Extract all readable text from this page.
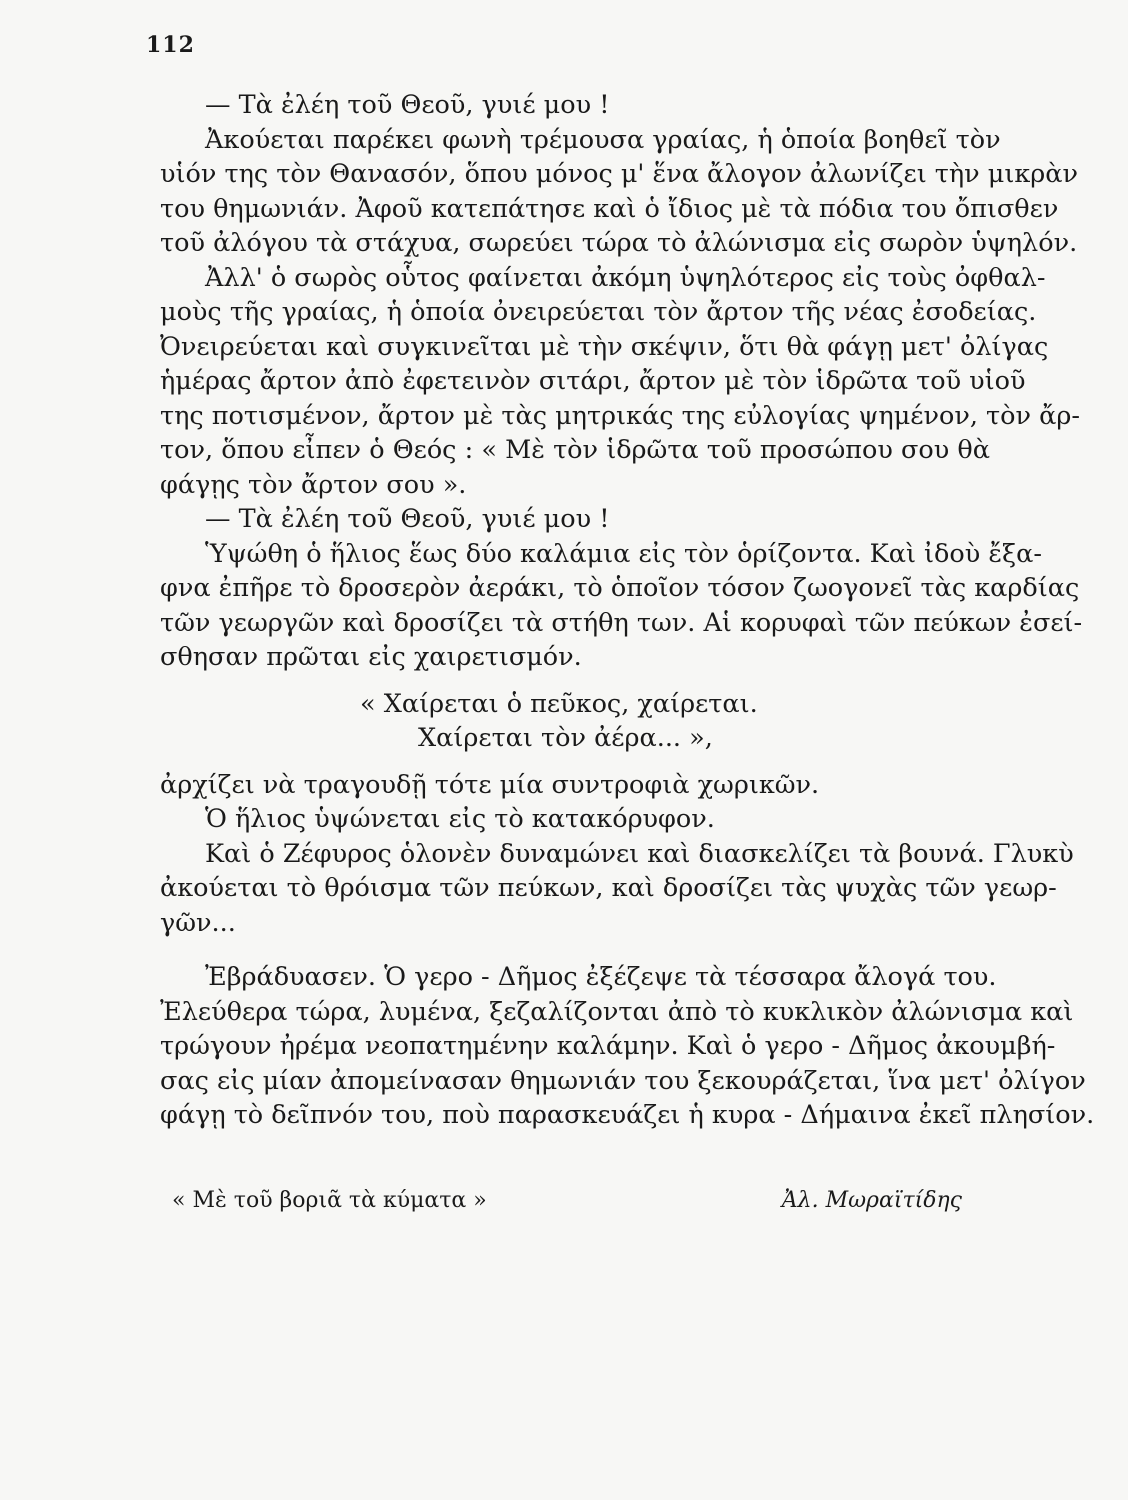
112
— Τὰ ἐλέη τοῦ Θεοῦ, γυιέ μου !
Ἀκούεται παρέκει φωνὴ τρέμουσα γραίας, ἡ ὁποία βοηθεῖ τὸν
υἱόν της τὸν Θανασόν, ὅπου μόνος μ' ἕνα ἄλογον ἀλωνίζει τὴν μικρὰν
του θημωνιάν. Ἀφοῦ κατεπάτησε καὶ ὁ ἴδιος μὲ τὰ πόδια του ὄπισθεν
τοῦ ἀλόγου τὰ στάχυα, σωρεύει τώρα τὸ ἀλώνισμα εἰς σωρὸν ὑψηλόν.
Ἀλλ' ὁ σωρὸς οὗτος φαίνεται ἀκόμη ὑψηλότερος εἰς τοὺς ὀφθαλ-
μοὺς τῆς γραίας, ἡ ὁποία ὀνειρεύεται τὸν ἄρτον τῆς νέας ἐσοδείας.
Ὀνειρεύεται καὶ συγκινεῖται μὲ τὴν σκέψιν, ὅτι θὰ φάγῃ μετ' ὀλίγας
ἡμέρας ἄρτον ἀπὸ ἐφετεινὸν σιτάρι, ἄρτον μὲ τὸν ἱδρῶτα τοῦ υἱοῦ
της ποτισμένον, ἄρτον μὲ τὰς μητρικάς της εὐλογίας ψημένον, τὸν ἄρ-
τον, ὅπου εἶπεν ὁ Θεός : « Μὲ τὸν ἱδρῶτα τοῦ προσώπου σου θὰ
φάγῃς τὸν ἄρτον σου ».
— Τὰ ἐλέη τοῦ Θεοῦ, γυιέ μου !
Ὑψώθη ὁ ἥλιος ἕως δύο καλάμια εἰς τὸν ὁρίζοντα. Καὶ ἰδοὺ ἔξα-
φνα ἐπῆρε τὸ δροσερὸν ἀεράκι, τὸ ὁποῖον τόσον ζωογονεῖ τὰς καρδίας
τῶν γεωργῶν καὶ δροσίζει τὰ στήθη των. Αἱ κορυφαὶ τῶν πεύκων ἐσεί-
σθησαν πρῶται εἰς χαιρετισμόν.
« Χαίρεται ὁ πεῦκος, χαίρεται.
Χαίρεται τὸν ἀέρα... »,
ἀρχίζει νὰ τραγουδῇ τότε μία συντροφιὰ χωρικῶν.
Ὁ ἥλιος ὑψώνεται εἰς τὸ κατακόρυφον.
Καὶ ὁ Ζέφυρος ὁλονὲν δυναμώνει καὶ διασκελίζει τὰ βουνά. Γλυκὺ
ἀκούεται τὸ θρόισμα τῶν πεύκων, καὶ δροσίζει τὰς ψυχὰς τῶν γεωρ-
γῶν...
Ἐβράδυασεν. Ὁ γερο - Δῆμος ἐξέζεψε τὰ τέσσαρα ἄλογά του.
Ἐλεύθερα τώρα, λυμένα, ξεζαλίζονται ἀπὸ τὸ κυκλικὸν ἀλώνισμα καὶ
τρώγουν ἠρέμα νεοπατημένην καλάμην. Καὶ ὁ γερο - Δῆμος ἀκουμβή-
σας εἰς μίαν ἀπομείνασαν θημωνιάν του ξεκουράζεται, ἵνα μετ' ὀλίγον
φάγῃ τὸ δεῖπνόν του, ποὺ παρασκευάζει ἡ κυρα - Δήμαινα ἐκεῖ πλησίον.
« Μὲ τοῦ βοριᾶ τὰ κύματα »	Ἀλ. Μωραϊτίδης
